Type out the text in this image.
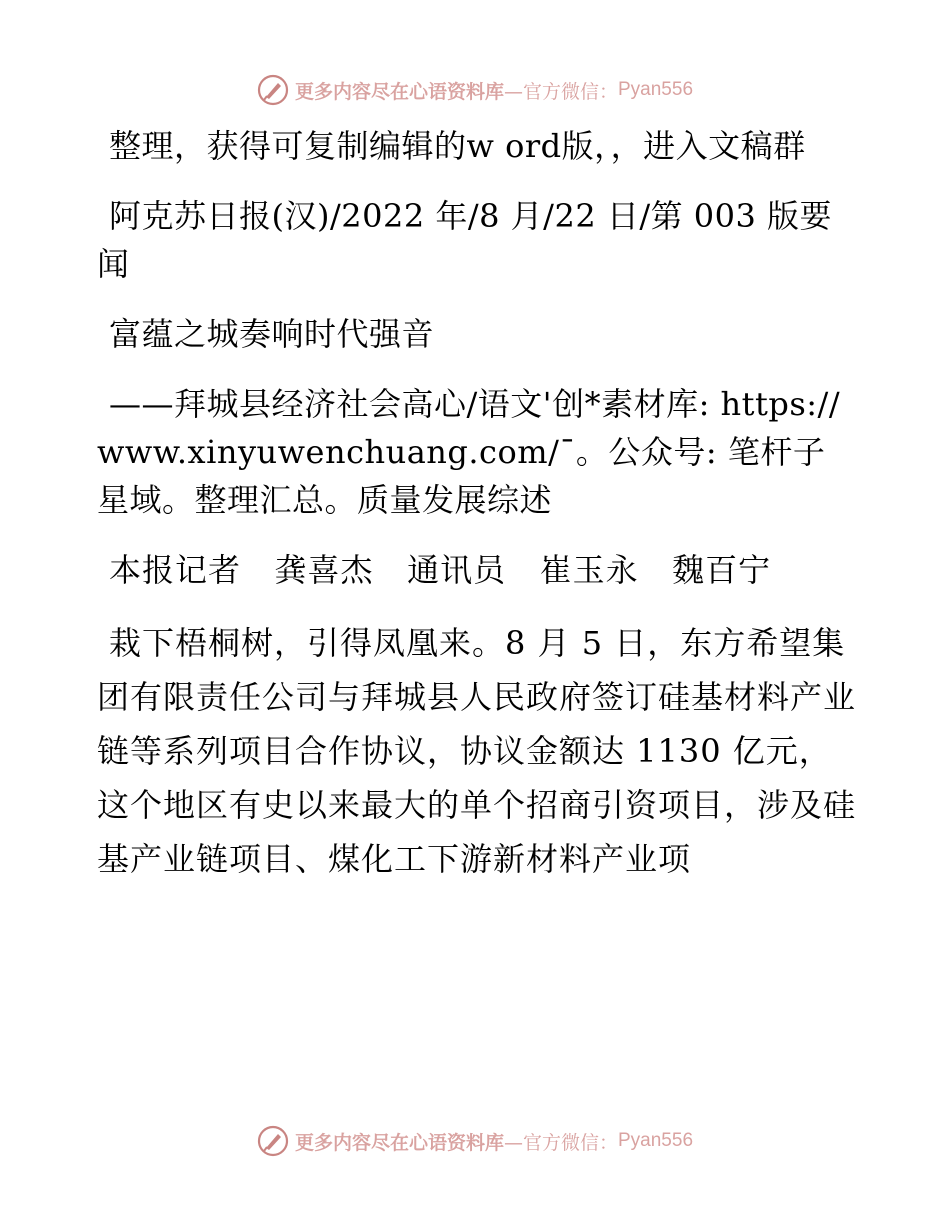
更多内容尽在心语资料库 —官方微信： Pyan556

整理，获得可复制编辑的w ord版，，进入文稿群

阿克苏日报(汉)/2022 年/8 月/22 日/第 003 版要闻

富蕴之城奏响时代强音

——拜城县经济社会高心/语文'创*素材库: https://www.xinyuwenchuang.com/¯。公众号: 笔杆子星域。整理汇总。质量发展综述

本报记者 龚喜杰 通讯员 崔玉永 魏百宁

栽下梧桐树，引得凤凰来。8 月 5 日，东方希望集团有限责任公司与拜城县人民政府签订硅基材料产业链等系列项目合作协议，协议金额达 1130 亿元，这个地区有史以来最大的单个招商引资项目，涉及硅基产业链项目、煤化工下游新材料产业项

更多内容尽在心语资料库 —官方微信： Pyan556
